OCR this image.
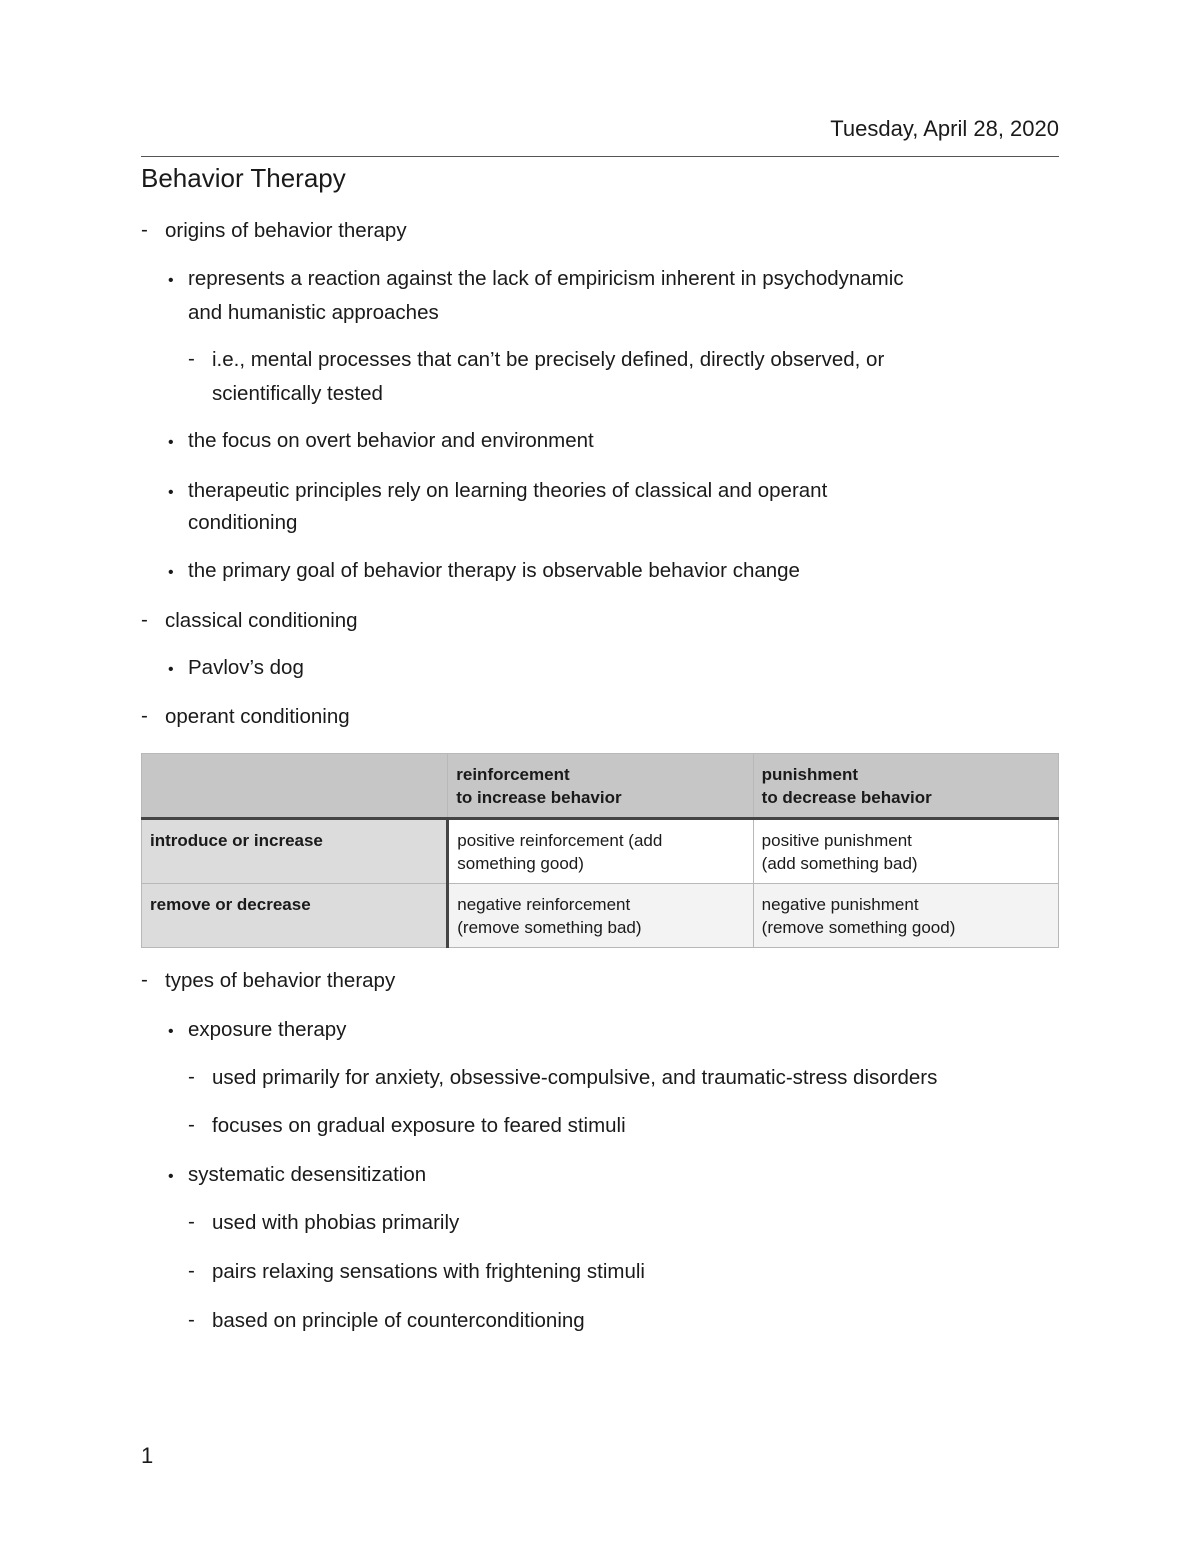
Tuesday, April 28, 2020
Behavior Therapy
- origins of behavior therapy
• represents a reaction against the lack of empiricism inherent in psychodynamic
and humanistic approaches
- i.e., mental processes that can’t be precisely defined, directly observed, or
scientifically tested
• the focus on overt behavior and environment
• therapeutic principles rely on learning theories of classical and operant
conditioning
• the primary goal of behavior therapy is observable behavior change
- classical conditioning
• Pavlov’s dog
- operant conditioning

	reinforcement
to increase behavior	punishment
to decrease behavior

introduce or increase	positive reinforcement (add
something good)	positive punishment
(add something bad)

remove or decrease	negative reinforcement
(remove something bad)	negative punishment
(remove something good)
- types of behavior therapy
• exposure therapy
- used primarily for anxiety, obsessive-compulsive, and traumatic-stress disorders
- focuses on gradual exposure to feared stimuli
• systematic desensitization
- used with phobias primarily
- pairs relaxing sensations with frightening stimuli
- based on principle of counterconditioning
1
